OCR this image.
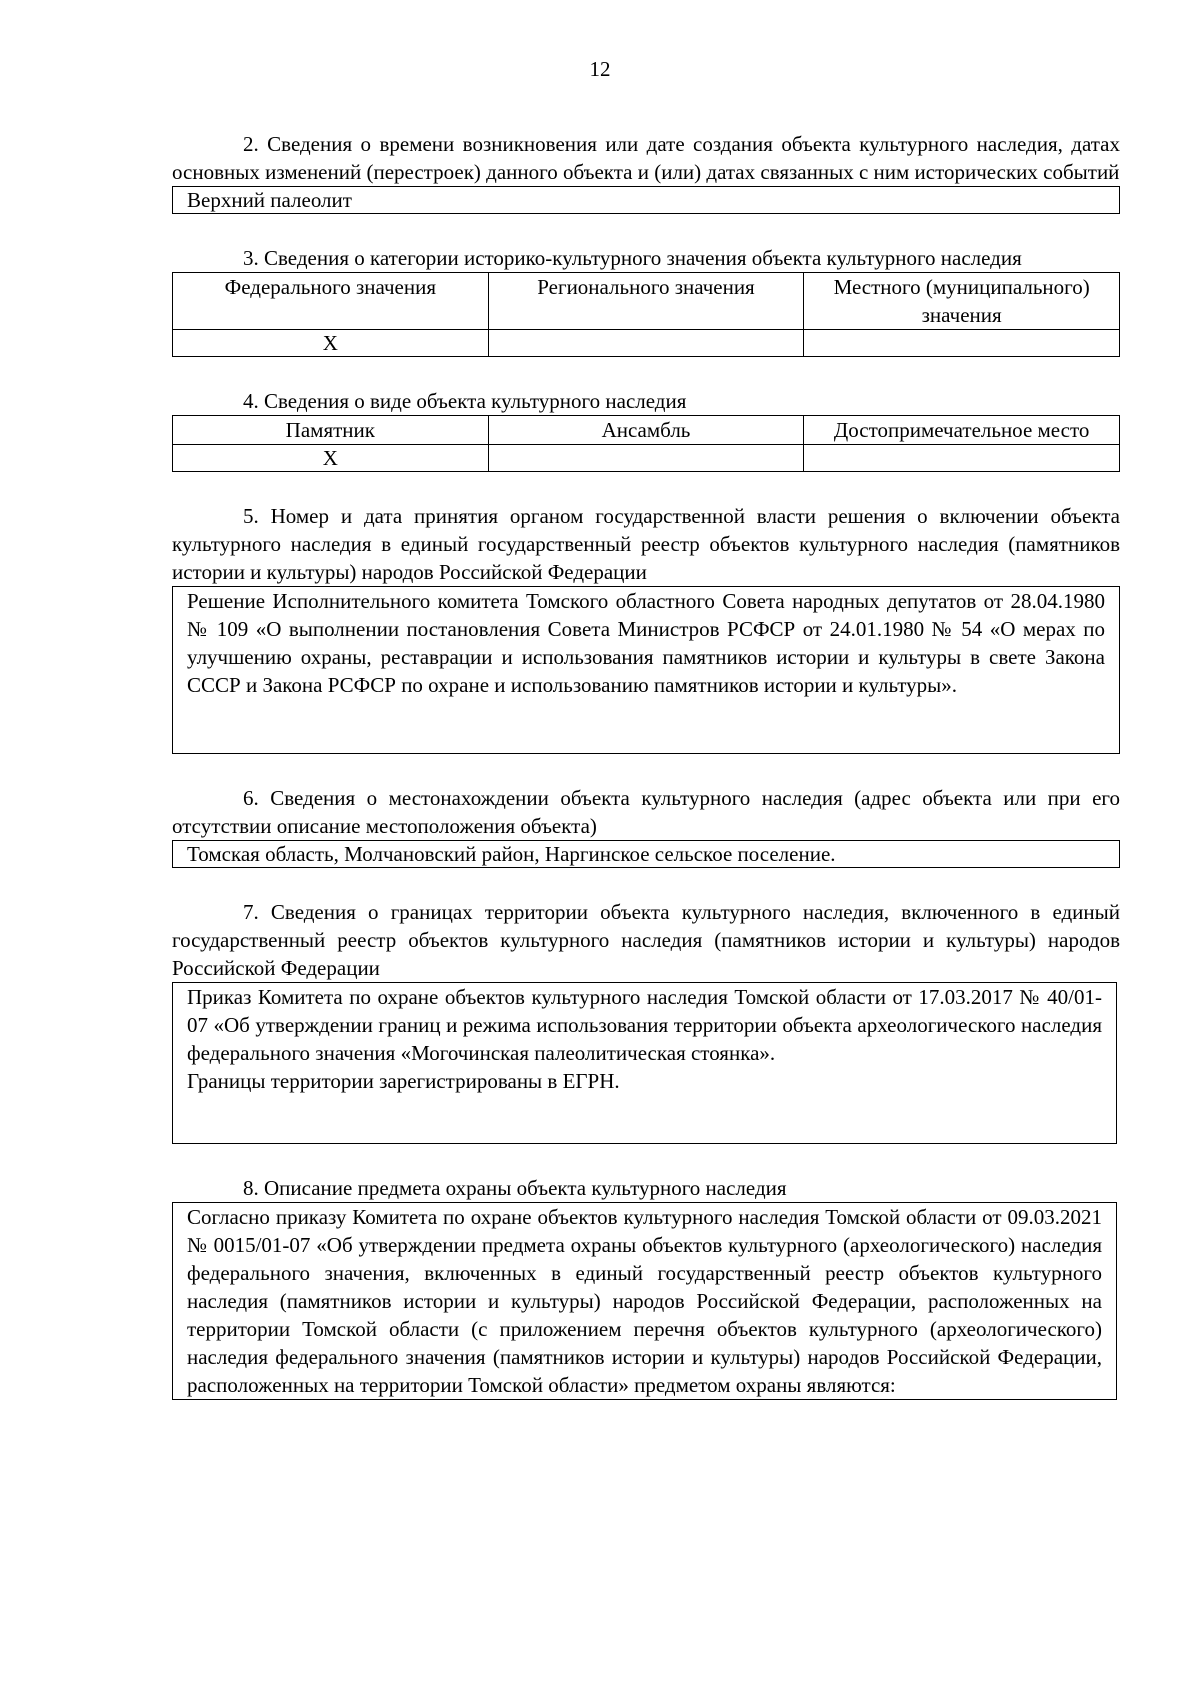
12

2. Сведения о времени возникновения или дате создания объекта культурного наследия, датах основных изменений (перестроек) данного объекта и (или) датах связанных с ним исторических событий

Верхний палеолит

3. Сведения о категории историко-культурного значения объекта культурного наследия

Федерального значения	Регионального значения	Местного (муниципального) значения
X		

4. Сведения о виде объекта культурного наследия

Памятник	Ансамбль	Достопримечательное место
X		

5. Номер и дата принятия органом государственной власти решения о включении объекта культурного наследия в единый государственный реестр объектов культурного наследия (памятников истории и культуры) народов Российской Федерации

Решение Исполнительного комитета Томского областного Совета народных депутатов от 28.04.1980 № 109 «О выполнении постановления Совета Министров РСФСР от 24.01.1980 № 54 «О мерах по улучшению охраны, реставрации и использования памятников истории и культуры в свете Закона СССР и Закона РСФСР по охране и использованию памятников истории и культуры».

6. Сведения о местонахождении объекта культурного наследия (адрес объекта или при его отсутствии описание местоположения объекта)

Томская область, Молчановский район, Наргинское сельское поселение.

7. Сведения о границах территории объекта культурного наследия, включенного в единый государственный реестр объектов культурного наследия (памятников истории и культуры) народов Российской Федерации

Приказ Комитета по охране объектов культурного наследия Томской области от 17.03.2017 № 40/01-07 «Об утверждении границ и режима использования территории объекта археологического наследия федерального значения «Могочинская палеолитическая стоянка».

Границы территории зарегистрированы в ЕГРН.

8. Описание предмета охраны объекта культурного наследия

Согласно приказу Комитета по охране объектов культурного наследия Томской области от 09.03.2021 № 0015/01-07 «Об утверждении предмета охраны объектов культурного (археологического) наследия федерального значения, включенных в единый государственный реестр объектов культурного наследия (памятников истории и культуры) народов Российской Федерации, расположенных на территории Томской области (с приложением перечня объектов культурного (археологического) наследия федерального значения (памятников истории и культуры) народов Российской Федерации, расположенных на территории Томской области» предметом охраны являются:
